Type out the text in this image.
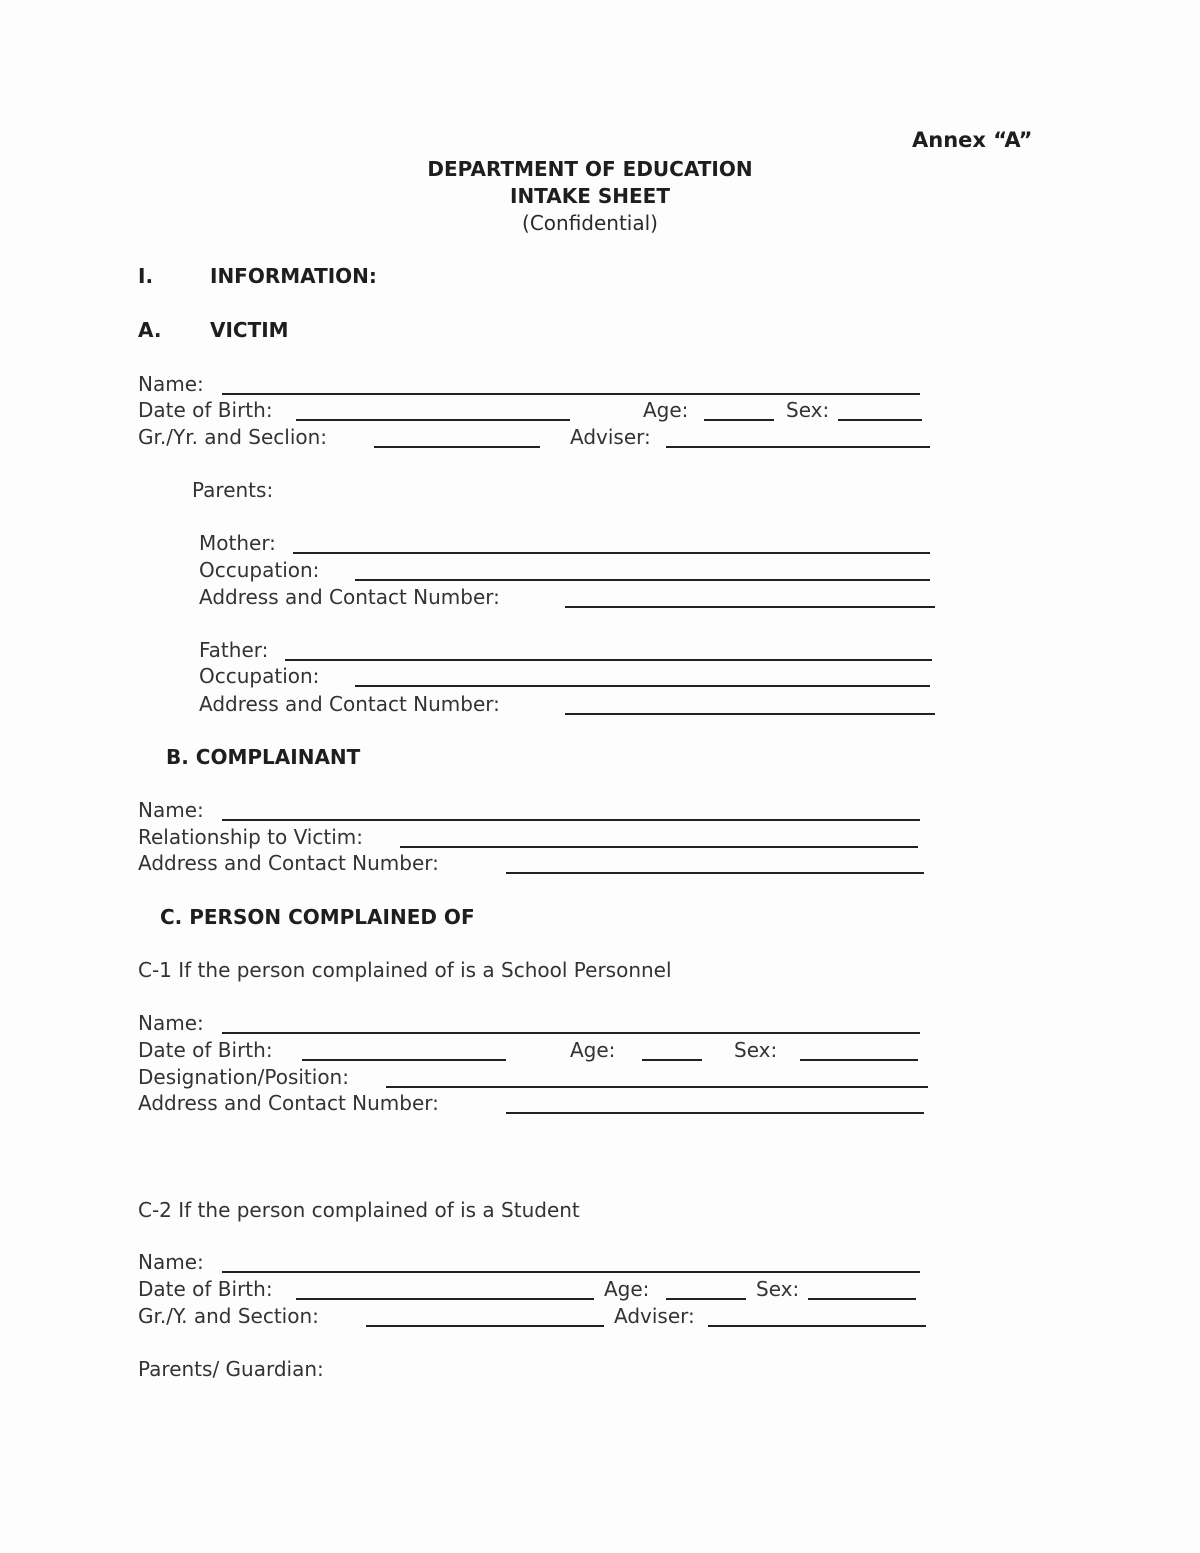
Annex “A”
DEPARTMENT OF EDUCATION
INTAKE SHEET
(Confidential)
I.	INFORMATION:
A. VICTIM
Name:
Date of Birth:	Age:	Sex:
Gr./Yr. and Seclion:	Adviser:
Parents:
Mother:
Occupation:
Address and Contact Number:
Father:
Occupation:
Address and Contact Number:
B. COMPLAINANT
Name:
Relationship to Victim:
Address and Contact Number:
C. PERSON COMPLAINED OF
C-1 If the person complained of is a School Personnel
Name:
Date of Birth:	Age:	Sex:
Designation/Position:
Address and Contact Number:
C-2 If the person complained of is a Student
Name:
Date of Birth:	Age:	Sex:
Gr./Y. and Section:	Adviser:
Parents/ Guardian:
